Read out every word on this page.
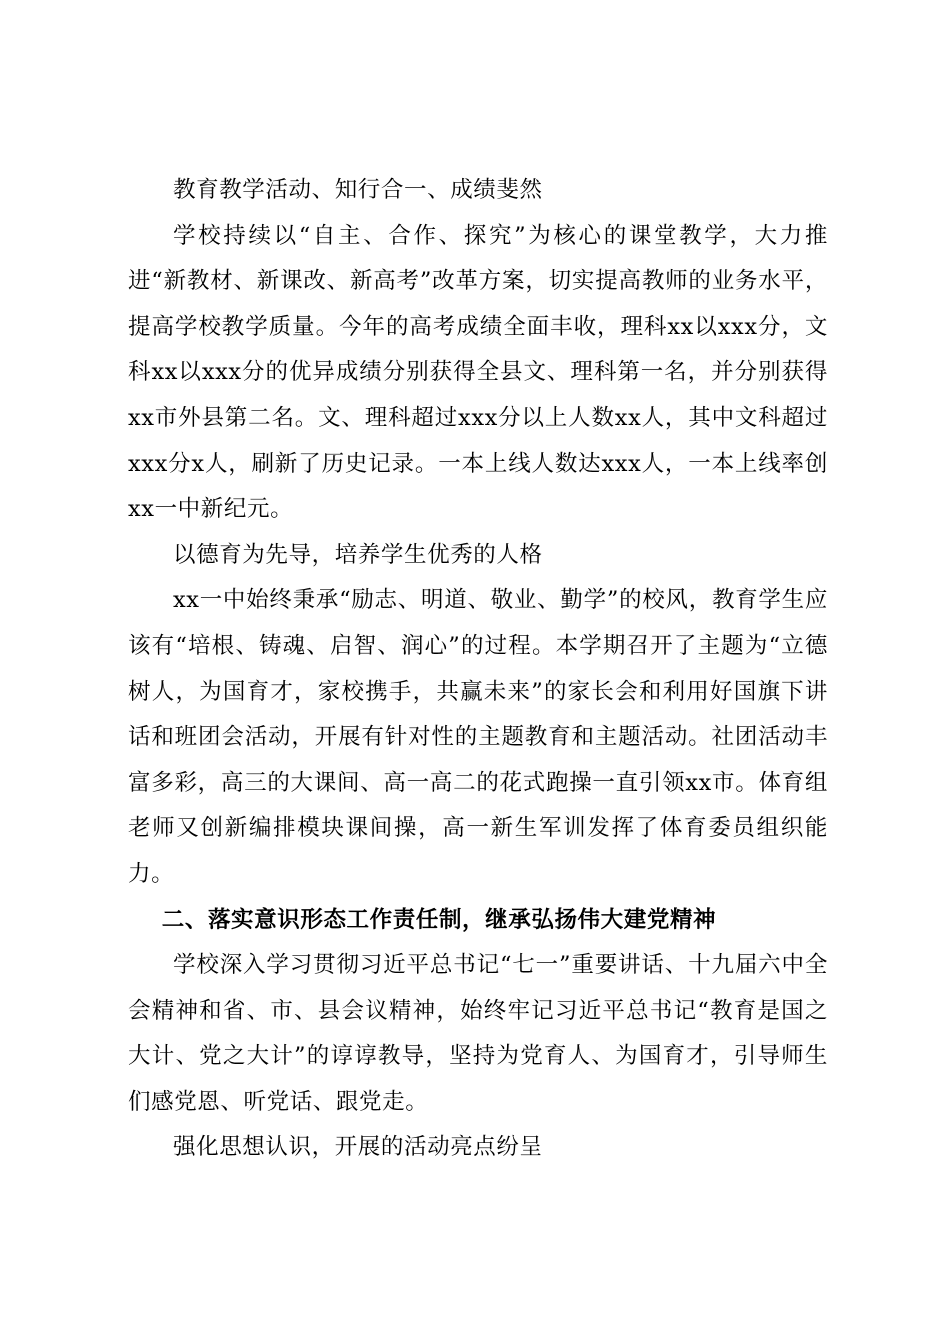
教育教学活动、知行合一、成绩斐然

学校持续以“自主、合作、探究”为核心的课堂教学，大力推进“新教材、新课改、新高考”改革方案，切实提高教师的业务水平，提高学校教学质量。今年的高考成绩全面丰收，理科xx以xxx分，文科xx以xxx分的优异成绩分别获得全县文、理科第一名，并分别获得xx市外县第二名。文、理科超过xxx分以上人数xx人，其中文科超过xxx分x人，刷新了历史记录。一本上线人数达xxx人，一本上线率创xx一中新纪元。

以德育为先导，培养学生优秀的人格

xx一中始终秉承“励志、明道、敬业、勤学”的校风，教育学生应该有“培根、铸魂、启智、润心”的过程。本学期召开了主题为“立德树人，为国育才，家校携手，共赢未来”的家长会和利用好国旗下讲话和班团会活动，开展有针对性的主题教育和主题活动。社团活动丰富多彩，高三的大课间、高一高二的花式跑操一直引领xx市。体育组老师又创新编排模块课间操，高一新生军训发挥了体育委员组织能力。

二、落实意识形态工作责任制，继承弘扬伟大建党精神

学校深入学习贯彻习近平总书记“七一”重要讲话、十九届六中全会精神和省、市、县会议精神，始终牢记习近平总书记“教育是国之大计、党之大计”的谆谆教导，坚持为党育人、为国育才，引导师生们感党恩、听党话、跟党走。

强化思想认识，开展的活动亮点纷呈
